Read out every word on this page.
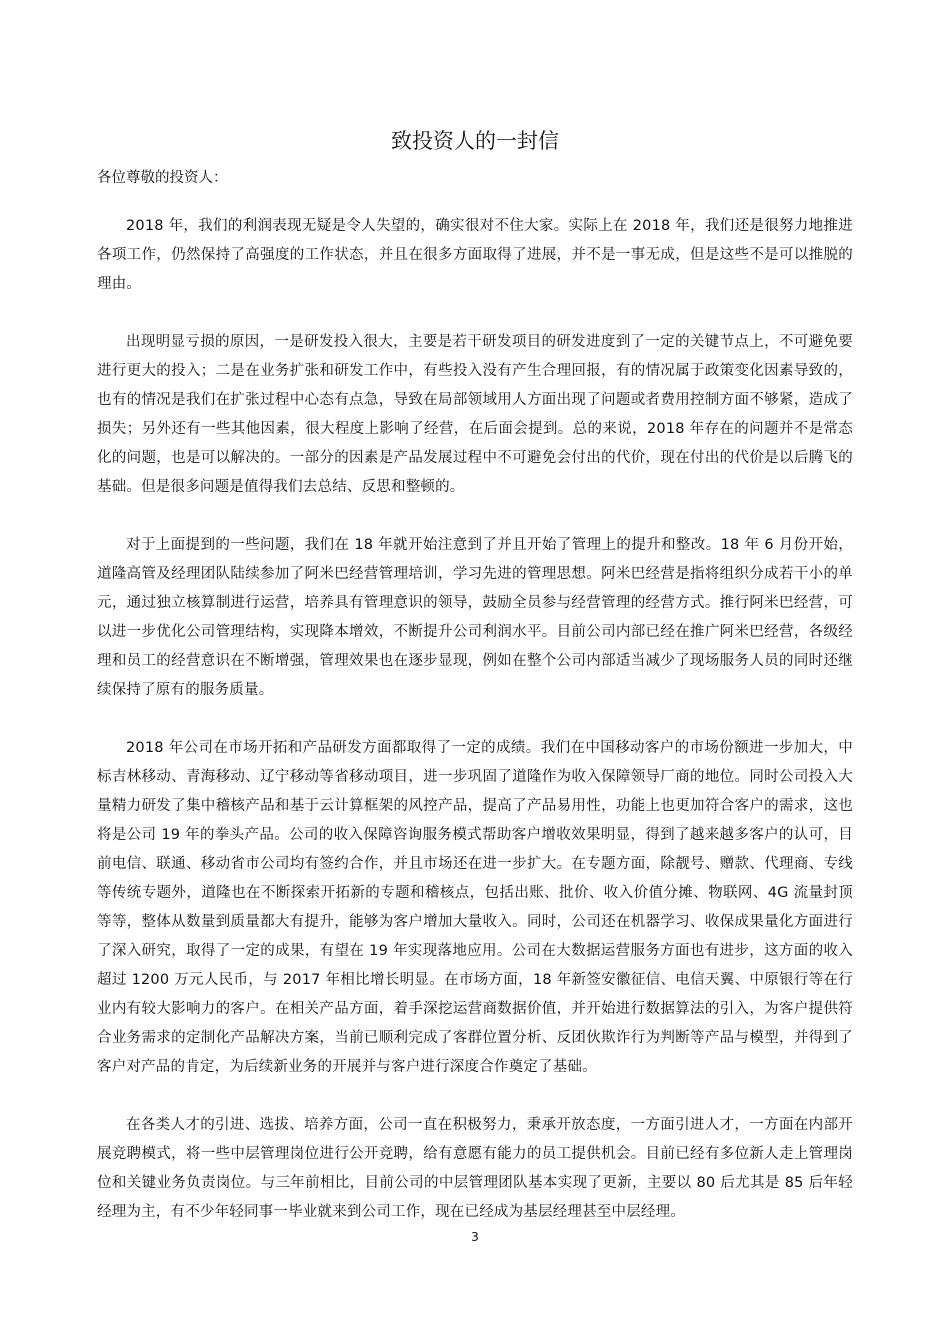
致投资人的一封信

各位尊敬的投资人：

2018 年，我们的利润表现无疑是令人失望的，确实很对不住大家。实际上在 2018 年，我们还是很努力地推进各项工作，仍然保持了高强度的工作状态，并且在很多方面取得了进展，并不是一事无成，但是这些不是可以推脱的理由。

出现明显亏损的原因，一是研发投入很大，主要是若干研发项目的研发进度到了一定的关键节点上，不可避免要进行更大的投入；二是在业务扩张和研发工作中，有些投入没有产生合理回报，有的情况属于政策变化因素导致的，也有的情况是我们在扩张过程中心态有点急，导致在局部领域用人方面出现了问题或者费用控制方面不够紧，造成了损失；另外还有一些其他因素，很大程度上影响了经营，在后面会提到。总的来说，2018 年存在的问题并不是常态化的问题，也是可以解决的。一部分的因素是产品发展过程中不可避免会付出的代价，现在付出的代价是以后腾飞的基础。但是很多问题是值得我们去总结、反思和整顿的。

对于上面提到的一些问题，我们在 18 年就开始注意到了并且开始了管理上的提升和整改。18 年 6 月份开始，道隆高管及经理团队陆续参加了阿米巴经营管理培训，学习先进的管理思想。阿米巴经营是指将组织分成若干小的单元，通过独立核算制进行运营，培养具有管理意识的领导，鼓励全员参与经营管理的经营方式。推行阿米巴经营，可以进一步优化公司管理结构，实现降本增效，不断提升公司利润水平。目前公司内部已经在推广阿米巴经营，各级经理和员工的经营意识在不断增强，管理效果也在逐步显现，例如在整个公司内部适当减少了现场服务人员的同时还继续保持了原有的服务质量。

2018 年公司在市场开拓和产品研发方面都取得了一定的成绩。我们在中国移动客户的市场份额进一步加大，中标吉林移动、青海移动、辽宁移动等省移动项目，进一步巩固了道隆作为收入保障领导厂商的地位。同时公司投入大量精力研发了集中稽核产品和基于云计算框架的风控产品，提高了产品易用性，功能上也更加符合客户的需求，这也将是公司 19 年的拳头产品。公司的收入保障咨询服务模式帮助客户增收效果明显，得到了越来越多客户的认可，目前电信、联通、移动省市公司均有签约合作，并且市场还在进一步扩大。在专题方面，除靓号、赠款、代理商、专线等传统专题外，道隆也在不断探索开拓新的专题和稽核点，包括出账、批价、收入价值分摊、物联网、4G 流量封顶等等，整体从数量到质量都大有提升，能够为客户增加大量收入。同时，公司还在机器学习、收保成果量化方面进行了深入研究，取得了一定的成果，有望在 19 年实现落地应用。公司在大数据运营服务方面也有进步，这方面的收入超过 1200 万元人民币，与 2017 年相比增长明显。在市场方面，18 年新签安徽征信、电信天翼、中原银行等在行业内有较大影响力的客户。在相关产品方面，着手深挖运营商数据价值，并开始进行数据算法的引入，为客户提供符合业务需求的定制化产品解决方案，当前已顺利完成了客群位置分析、反团伙欺诈行为判断等产品与模型，并得到了客户对产品的肯定，为后续新业务的开展并与客户进行深度合作奠定了基础。

在各类人才的引进、选拔、培养方面，公司一直在积极努力，秉承开放态度，一方面引进人才，一方面在内部开展竞聘模式，将一些中层管理岗位进行公开竞聘，给有意愿有能力的员工提供机会。目前已经有多位新人走上管理岗位和关键业务负责岗位。与三年前相比，目前公司的中层管理团队基本实现了更新，主要以 80 后尤其是 85 后年轻经理为主，有不少年轻同事一毕业就来到公司工作，现在已经成为基层经理甚至中层经理。

3
